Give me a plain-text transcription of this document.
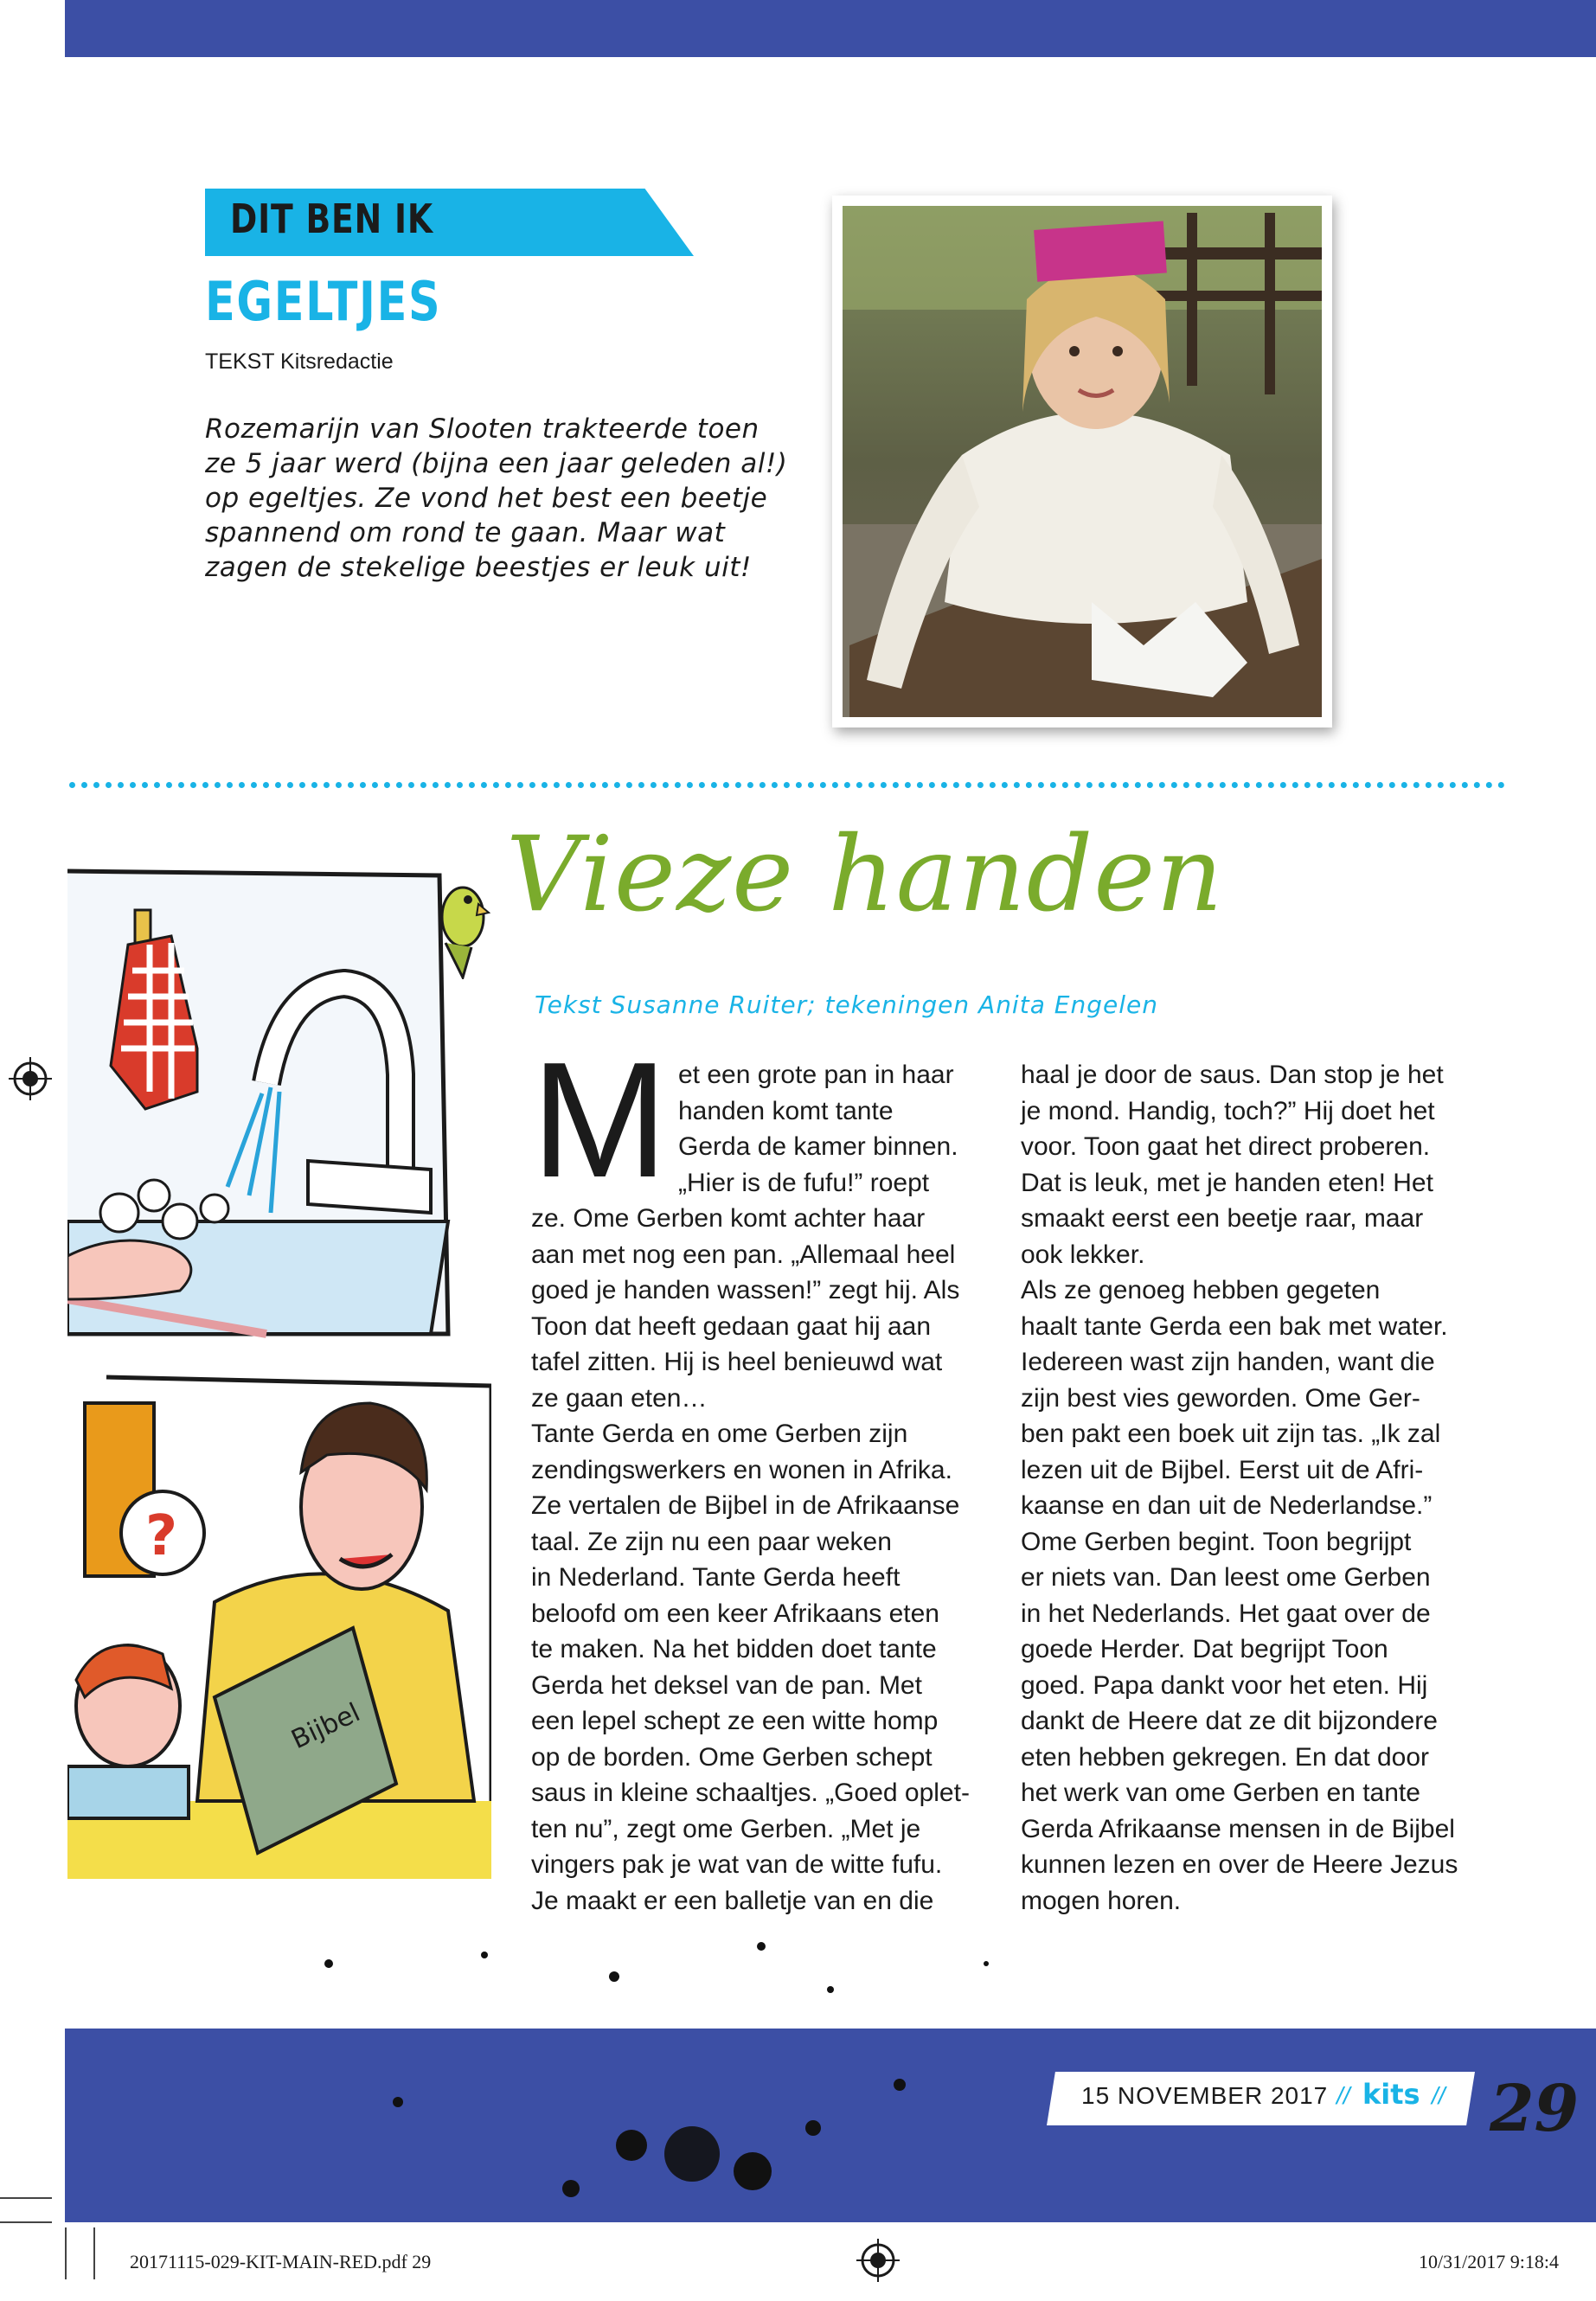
DIT BEN IK
EGELTJES
TEKST Kitsredactie
Rozemarijn van Slooten trakteerde toen ze 5 jaar werd (bijna een jaar geleden al!) op egeltjes. Ze vond het best een beetje spannend om rond te gaan. Maar wat zagen de stekelige beestjes er leuk uit!
Bijbel
?
Vieze handen
Tekst Susanne Ruiter; tekeningen Anita Engelen
M et een grote pan in haar
handen komt tante
Gerda de kamer binnen.
„Hier is de fufu!” roept
ze. Ome Gerben komt achter haar
aan met nog een pan. „Allemaal heel
goed je handen wassen!” zegt hij. Als
Toon dat heeft gedaan gaat hij aan
tafel zitten. Hij is heel benieuwd wat
ze gaan eten…
Tante Gerda en ome Gerben zijn
zendingswerkers en wonen in Afrika.
Ze vertalen de Bijbel in de Afrikaanse
taal. Ze zijn nu een paar weken
in Nederland. Tante Gerda heeft
beloofd om een keer Afrikaans eten
te maken. Na het bidden doet tante
Gerda het deksel van de pan. Met
een lepel schept ze een witte homp
op de borden. Ome Gerben schept
saus in kleine schaaltjes. „Goed oplet-
ten nu”, zegt ome Gerben. „Met je
vingers pak je wat van de witte fufu.
Je maakt er een balletje van en die
haal je door de saus. Dan stop je het
je mond. Handig, toch?” Hij doet het
voor. Toon gaat het direct proberen.
Dat is leuk, met je handen eten! Het
smaakt eerst een beetje raar, maar
ook lekker.
Als ze genoeg hebben gegeten
haalt tante Gerda een bak met water.
Iedereen wast zijn handen, want die
zijn best vies geworden. Ome Ger-
ben pakt een boek uit zijn tas. „Ik zal
lezen uit de Bijbel. Eerst uit de Afri-
kaanse en dan uit de Nederlandse.”
Ome Gerben begint. Toon begrijpt
er niets van. Dan leest ome Gerben
in het Nederlands. Het gaat over de
goede Herder. Dat begrijpt Toon
goed. Papa dankt voor het eten. Hij
dankt de Heere dat ze dit bijzondere
eten hebben gekregen. En dat door
het werk van ome Gerben en tante
Gerda Afrikaanse mensen in de Bijbel
kunnen lezen en over de Heere Jezus
mogen horen.
15 NOVEMBER 2017 // kits // 29
20171115-029-KIT-MAIN-RED.pdf 29	10/31/2017 9:18:4
